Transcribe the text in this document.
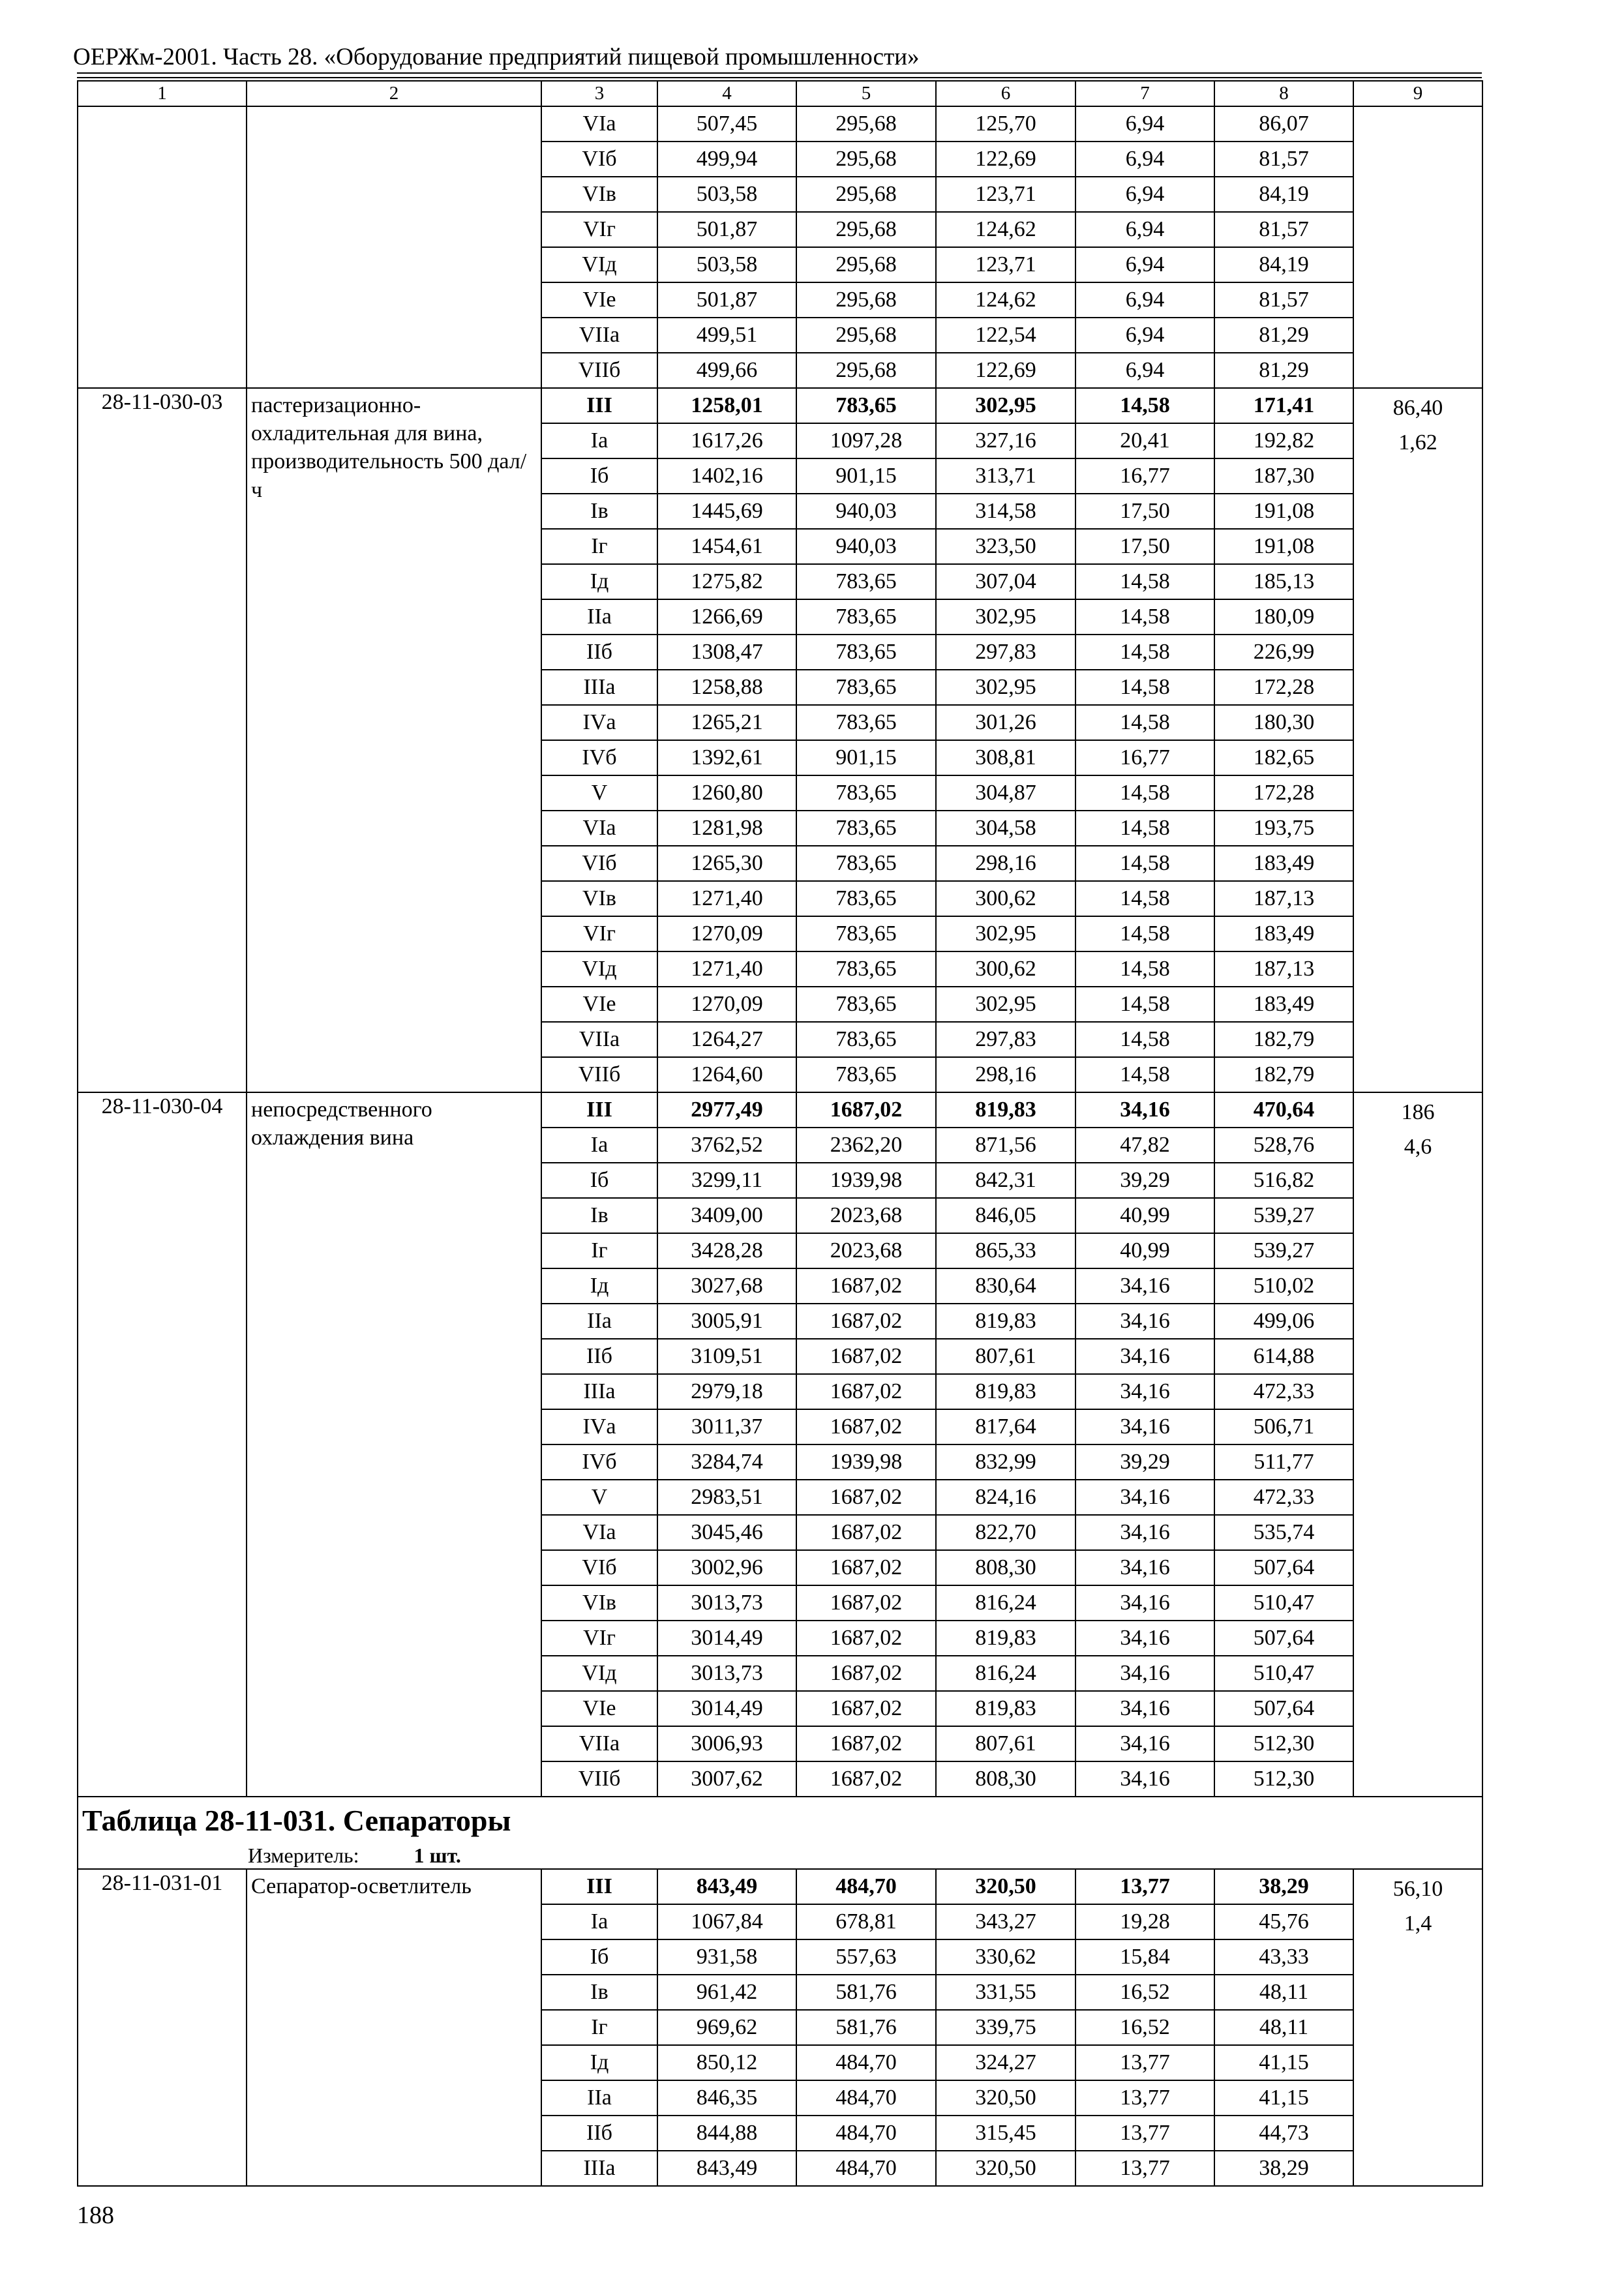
ОЕРЖм-2001. Часть 28. «Оборудование предприятий пищевой промышленности»
1	2	3	4	5	6	7	8	9
		VIа	507,45	295,68	125,70	6,94	86,07	

		VIб	499,94	295,68	122,69	6,94	81,57	
		VIв	503,58	295,68	123,71	6,94	84,19	
		VIг	501,87	295,68	124,62	6,94	81,57	
		VIд	503,58	295,68	123,71	6,94	84,19	
		VIе	501,87	295,68	124,62	6,94	81,57	
		VIIа	499,51	295,68	122,54	6,94	81,29	
		VIIб	499,66	295,68	122,69	6,94	81,29	
28-11-030-03	пастеризационно-охладительная для вина, производительность 500 дал/ч	III	1258,01	783,65	302,95	14,58	171,41	86,40
1,62

		Iа	1617,26	1097,28	327,16	20,41	192,82	
		Iб	1402,16	901,15	313,71	16,77	187,30	
		Iв	1445,69	940,03	314,58	17,50	191,08	
		Iг	1454,61	940,03	323,50	17,50	191,08	
		Iд	1275,82	783,65	307,04	14,58	185,13	
		IIа	1266,69	783,65	302,95	14,58	180,09	
		IIб	1308,47	783,65	297,83	14,58	226,99	
		IIIа	1258,88	783,65	302,95	14,58	172,28	
		IVа	1265,21	783,65	301,26	14,58	180,30	
		IVб	1392,61	901,15	308,81	16,77	182,65	
		V	1260,80	783,65	304,87	14,58	172,28	
		VIа	1281,98	783,65	304,58	14,58	193,75	
		VIб	1265,30	783,65	298,16	14,58	183,49	
		VIв	1271,40	783,65	300,62	14,58	187,13	
		VIг	1270,09	783,65	302,95	14,58	183,49	
		VIд	1271,40	783,65	300,62	14,58	187,13	
		VIе	1270,09	783,65	302,95	14,58	183,49	
		VIIа	1264,27	783,65	297,83	14,58	182,79	
		VIIб	1264,60	783,65	298,16	14,58	182,79	
28-11-030-04	непосредственного охлаждения вина	III	2977,49	1687,02	819,83	34,16	470,64	186
4,6

		Iа	3762,52	2362,20	871,56	47,82	528,76	
		Iб	3299,11	1939,98	842,31	39,29	516,82	
		Iв	3409,00	2023,68	846,05	40,99	539,27	
		Iг	3428,28	2023,68	865,33	40,99	539,27	
		Iд	3027,68	1687,02	830,64	34,16	510,02	
		IIа	3005,91	1687,02	819,83	34,16	499,06	
		IIб	3109,51	1687,02	807,61	34,16	614,88	
		IIIа	2979,18	1687,02	819,83	34,16	472,33	
		IVа	3011,37	1687,02	817,64	34,16	506,71	
		IVб	3284,74	1939,98	832,99	39,29	511,77	
		V	2983,51	1687,02	824,16	34,16	472,33	
		VIа	3045,46	1687,02	822,70	34,16	535,74	
		VIб	3002,96	1687,02	808,30	34,16	507,64	
		VIв	3013,73	1687,02	816,24	34,16	510,47	
		VIг	3014,49	1687,02	819,83	34,16	507,64	
		VIд	3013,73	1687,02	816,24	34,16	510,47	
		VIе	3014,49	1687,02	819,83	34,16	507,64	
		VIIа	3006,93	1687,02	807,61	34,16	512,30	
		VIIб	3007,62	1687,02	808,30	34,16	512,30	

Таблица 28-11-031. Сепараторы
Измеритель: 1 шт.								

28-11-031-01	Сепаратор-осветлитель	III	843,49	484,70	320,50	13,77	38,29	56,10
1,4

		Iа	1067,84	678,81	343,27	19,28	45,76	
		Iб	931,58	557,63	330,62	15,84	43,33	
		Iв	961,42	581,76	331,55	16,52	48,11	
		Iг	969,62	581,76	339,75	16,52	48,11	
		Iд	850,12	484,70	324,27	13,77	41,15	
		IIа	846,35	484,70	320,50	13,77	41,15	
		IIб	844,88	484,70	315,45	13,77	44,73	
		IIIа	843,49	484,70	320,50	13,77	38,29	
188
